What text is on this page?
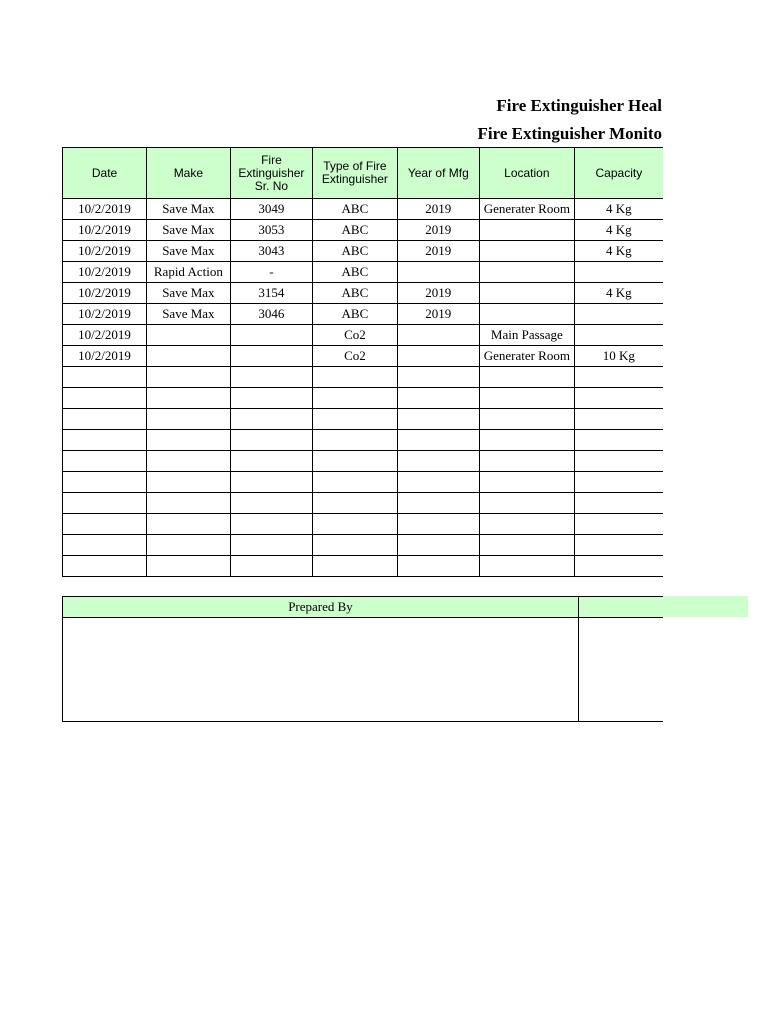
Fire Extinguisher Heal
Fire Extinguisher Monito
Date	Make	Fire Extinguisher Sr. No	Type of Fire Extinguisher	Year of Mfg	Location	Capacity
10/2/2019	Save Max	3049	ABC	2019	Generater Room	4 Kg
10/2/2019	Save Max	3053	ABC	2019		4 Kg
10/2/2019	Save Max	3043	ABC	2019		4 Kg
10/2/2019	Rapid Action	-	ABC			
10/2/2019	Save Max	3154	ABC	2019		4 Kg
10/2/2019	Save Max	3046	ABC	2019		
10/2/2019			Co2		Main Passage	
10/2/2019			Co2		Generater Room	10 Kg

Prepared By
